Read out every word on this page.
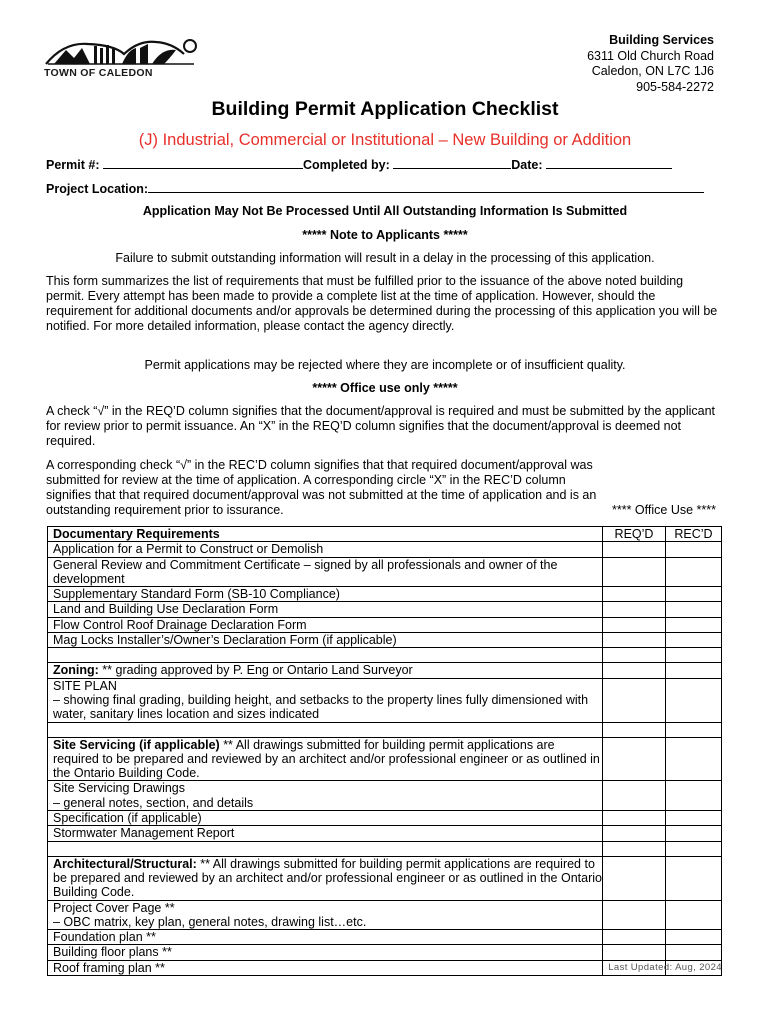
TOWN OF CALEDON
Building Services
6311 Old Church Road
Caledon, ON L7C 1J6
905-584-2272
Building Permit Application Checklist
(J) Industrial, Commercial or Institutional – New Building or Addition
Permit #:	Completed by:	Date:
Project Location:
Application May Not Be Processed Until All Outstanding Information Is Submitted
***** Note to Applicants *****
Failure to submit outstanding information will result in a delay in the processing of this application.
This form summarizes the list of requirements that must be fulfilled prior to the issuance of the above noted building permit. Every attempt has been made to provide a complete list at the time of application. However, should the requirement for additional documents and/or approvals be determined during the processing of this application you will be notified. For more detailed information, please contact the agency directly.
Permit applications may be rejected where they are incomplete or of insufficient quality.
***** Office use only *****
A check “√” in the REQ’D column signifies that the document/approval is required and must be submitted by the applicant for review prior to permit issuance. An “X” in the REQ’D column signifies that the document/approval is deemed not required.
A corresponding check “√” in the REC’D column signifies that that required document/approval was
submitted for review at the time of application. A corresponding circle “X” in the REC’D column
signifies that that required document/approval was not submitted at the time of application and is an
outstanding requirement prior to issurance.	**** Office Use ****
Documentary Requirements	REQ’D	REC’D
Application for a Permit to Construct or Demolish		
General Review and Commitment Certificate – signed by all professionals and owner of the development		
Supplementary Standard Form (SB-10 Compliance)		
Land and Building Use Declaration Form		
Flow Control Roof Drainage Declaration Form		
Mag Locks Installer’s/Owner’s Declaration Form (if applicable)		

Zoning: ** grading approved by P. Eng or Ontario Land Surveyor		

SITE PLAN
– showing final grading, building height, and setbacks to the property lines fully dimensioned with water, sanitary lines location and sizes indicated		

Site Servicing (if applicable) ** All drawings submitted for building permit applications are required to be prepared and reviewed by an architect and/or professional engineer or as outlined in the Ontario Building Code.		

Site Servicing Drawings
– general notes, section, and details		

Specification (if applicable)		
Stormwater Management Report		

Architectural/Structural: ** All drawings submitted for building permit applications are required to be prepared and reviewed by an architect and/or professional engineer or as outlined in the Ontario Building Code.		

Project Cover Page **
– OBC matrix, key plan, general notes, drawing list…etc.		

Foundation plan **		
Building floor plans **		
Roof framing plan **			Last Updated: Aug, 2024
